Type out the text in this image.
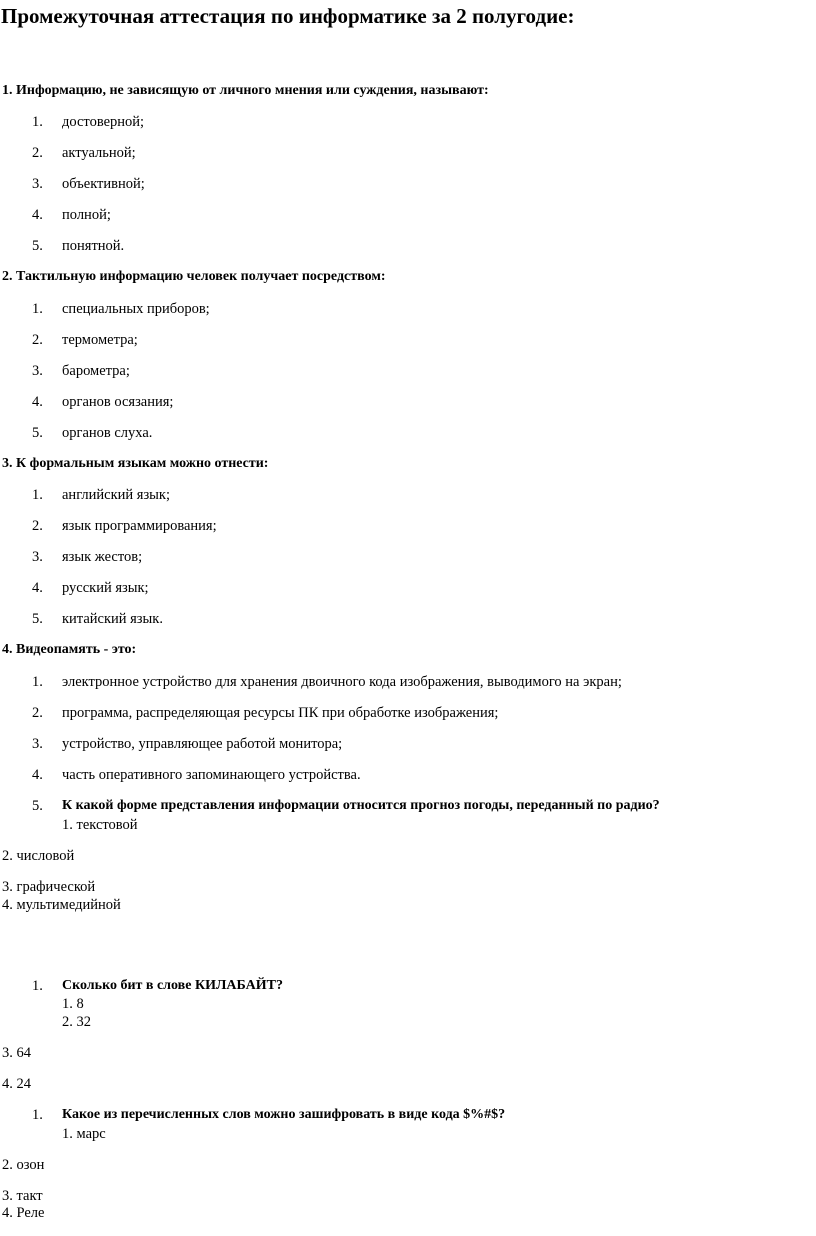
Промежуточная аттестация по информатике за 2 полугодие:
1. Информацию, не зависящую от личного мнения или суждения, называют:
1. достоверной;
2. актуальной;
3. объективной;
4. полной;
5. понятной.
2. Тактильную информацию человек получает посредством:
1. специальных приборов;
2. термометра;
3. барометра;
4. органов осязания;
5. органов слуха.
3. К формальным языкам можно отнести:
1. английский язык;
2. язык программирования;
3. язык жестов;
4. русский язык;
5. китайский язык.
4. Видеопамять - это:
1. электронное устройство для хранения двоичного кода изображения, выводимого на экран;
2. программа, распределяющая ресурсы ПК при обработке изображения;
3. устройство, управляющее работой монитора;
4. часть оперативного запоминающего устройства.
5. К какой форме представления информации относится прогноз погоды, переданный по радио?
1. текстовой
2. числовой
3. графической
4. мультимедийной
1. Сколько бит в слове КИЛАБАЙТ?
1. 8
2. 32
3. 64
4. 24
1. Какое из перечисленных слов можно зашифровать в виде кода $%#$?
1. марс
2. озон
3. такт
4. Реле
